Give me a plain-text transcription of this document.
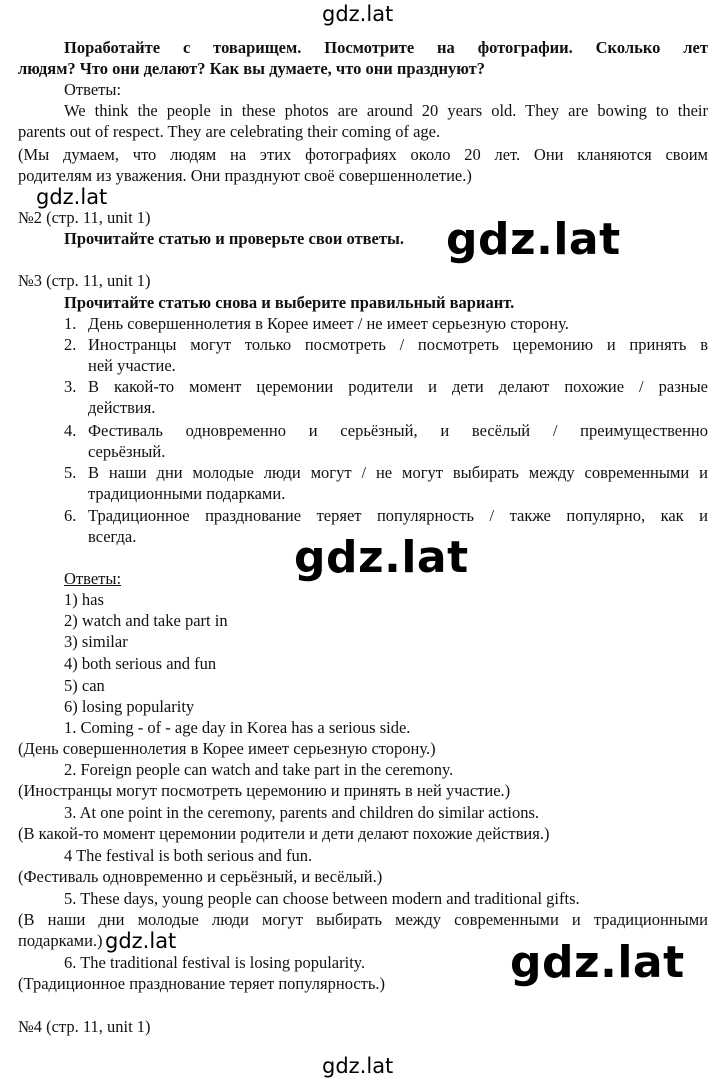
gdz.lat
gdz.lat
gdz.lat
gdz.lat
gdz.lat	gdz.lat
gdz.lat
Поработайте с товарищем. Посмотрите на фотографии. Сколько лет
людям? Что они делают? Как вы думаете, что они празднуют?
Ответы:
We think the people in these photos are around 20 years old. They are bowing to their
parents out of respect. They are celebrating their coming of age.
(Мы думаем, что людям на этих фотографиях около 20 лет. Они кланяются своим
родителям из уважения. Они празднуют своё совершеннолетие.)
№2 (стр. 11, unit 1)
Прочитайте статью и проверьте свои ответы.
№3 (стр. 11, unit 1)
Прочитайте статью снова и выберите правильный вариант.
1. День совершеннолетия в Корее имеет / не имеет серьезную сторону.
2. Иностранцы могут только посмотреть / посмотреть церемонию и принять в
ней участие.
3. В какой-то момент церемонии родители и дети делают похожие / разные
действия.
4. Фестиваль одновременно и серьёзный, и весёлый / преимущественно
серьёзный.
5. В наши дни молодые люди могут / не могут выбирать между современными и
традиционными подарками.
6. Традиционное празднование теряет популярность / также популярно, как и
всегда.
Ответы:
1) has
2) watch and take part in
3) similar
4) both serious and fun
5) can
6) losing popularity
1. Coming - of - age day in Korea has a serious side.
(День совершеннолетия в Корее имеет серьезную сторону.)
2. Foreign people can watch and take part in the ceremony.
(Иностранцы могут посмотреть церемонию и принять в ней участие.)
3. At one point in the ceremony, parents and children do similar actions.
(В какой-то момент церемонии родители и дети делают похожие действия.)
4 The festival is both serious and fun.
(Фестиваль одновременно и серьёзный, и весёлый.)
5. These days, young people can choose between modern and traditional gifts.
(В наши дни молодые люди могут выбирать между современными и традиционными
подарками.)
6. The traditional festival is losing popularity.
(Традиционное празднование теряет популярность.)
№4 (стр. 11, unit 1)
